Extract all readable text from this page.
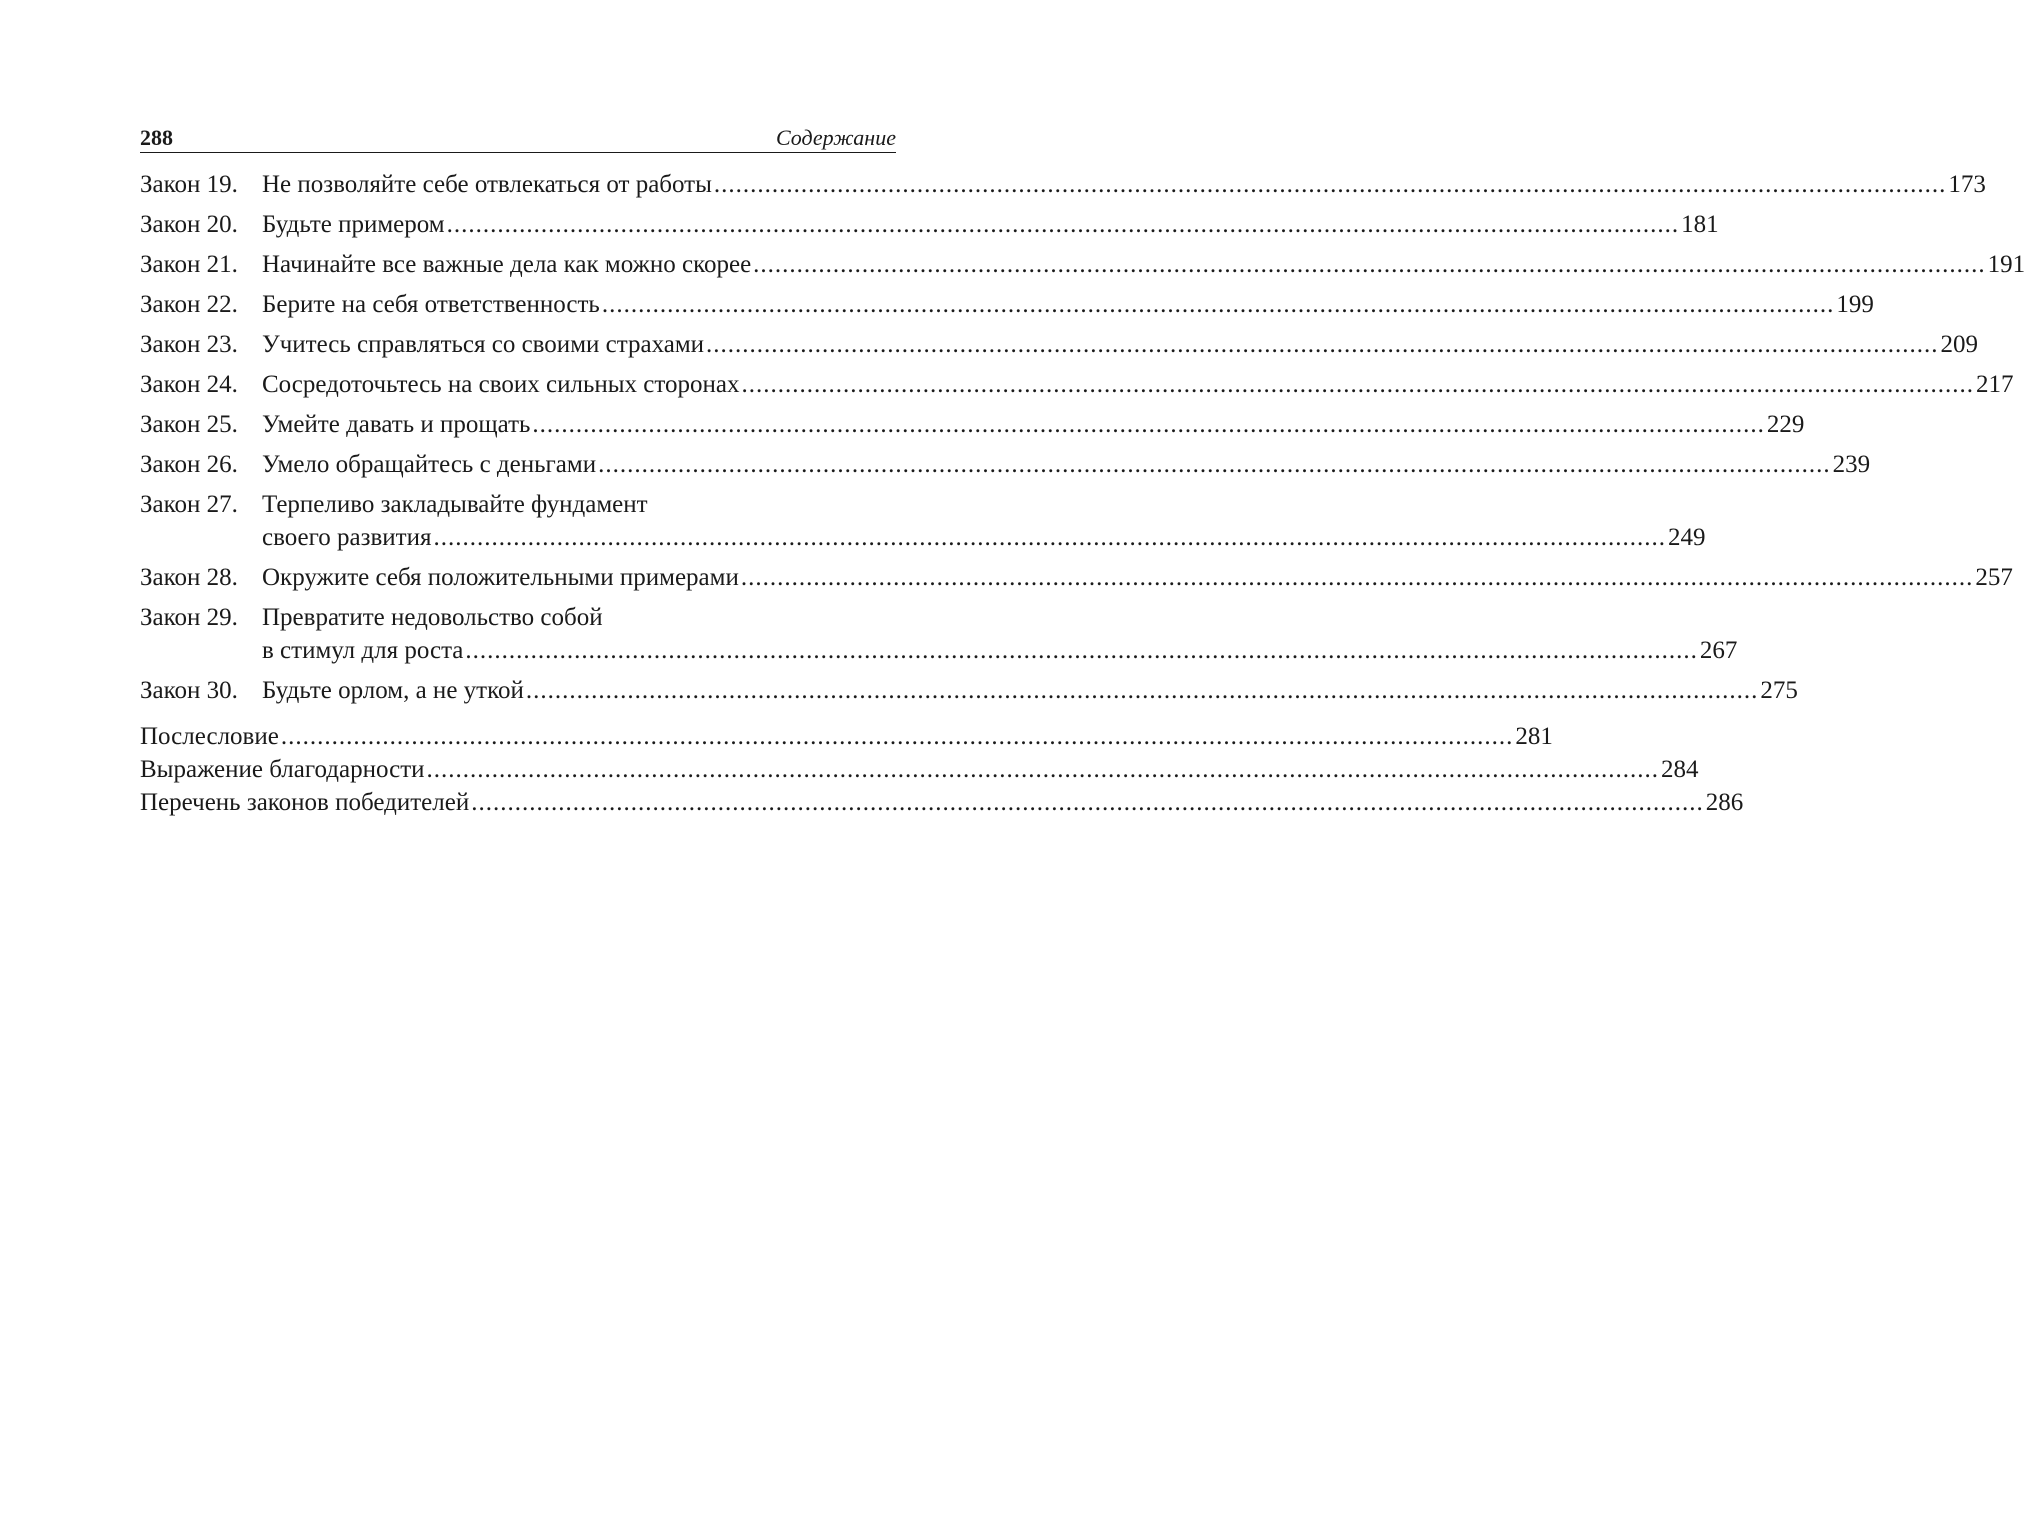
288	Содержание
Закон 19. Не позволяйте себе отвлекаться от работы .....	173
Закон 20. Будьте примером .....	181
Закон 21. Начинайте все важные дела как можно скорее .....	191
Закон 22. Берите на себя ответственность .....	199
Закон 23. Учитесь справляться со своими страхами .....	209
Закон 24. Сосредоточьтесь на своих сильных сторонах .....	217
Закон 25. Умейте давать и прощать .....	229
Закон 26. Умело обращайтесь с деньгами .....	239
Закон 27. Терпеливо закладывайте фундамент
своего развития .....	249
Закон 28. Окружите себя положительными примерами .....	257
Закон 29. Превратите недовольство собой
в стимул для роста .....	267
Закон 30. Будьте орлом, а не уткой .....	275
Послесловие .....	281
Выражение благодарности .....	284
Перечень законов победителей .....	286
